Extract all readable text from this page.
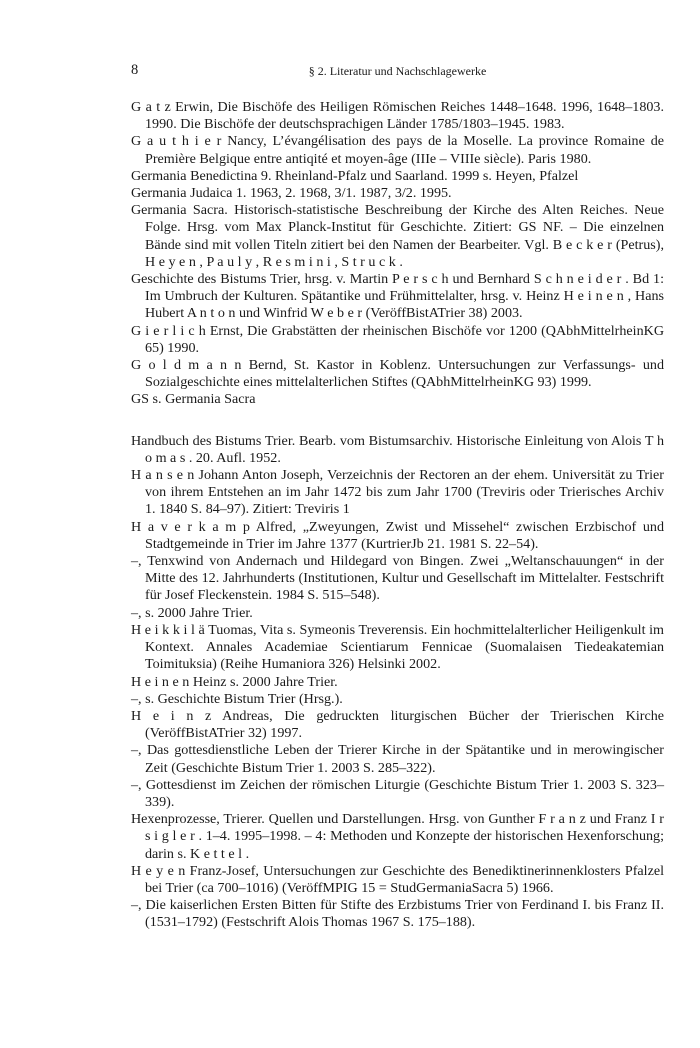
8	§ 2. Literatur und Nachschlagewerke

G a t z Erwin, Die Bischöfe des Heiligen Römischen Reiches 1448–1648. 1996, 1648–1803. 1990. Die Bischöfe der deutschsprachigen Länder 1785/1803–1945. 1983.

G a u t h i e r Nancy, L’évangélisation des pays de la Moselle. La province Romaine de Première Belgique entre antiqité et moyen-âge (IIIe – VIIIe siècle). Paris 1980.

Germania Benedictina 9. Rheinland-Pfalz und Saarland. 1999 s. Heyen, Pfalzel

Germania Judaica 1. 1963, 2. 1968, 3/1. 1987, 3/2. 1995.

Germania Sacra. Historisch-statistische Beschreibung der Kirche des Alten Reiches. Neue Folge. Hrsg. vom Max Planck-Institut für Geschichte. Zitiert: GS NF. – Die einzelnen Bände sind mit vollen Titeln zitiert bei den Namen der Bearbeiter. Vgl. B e c k e r (Petrus), H e y e n , P a u l y , R e s m i n i , S t r u c k .

Geschichte des Bistums Trier, hrsg. v. Martin P e r s c h und Bernhard S c h n e i d e r . Bd 1: Im Umbruch der Kulturen. Spätantike und Frühmittelalter, hrsg. v. Heinz H e i n e n , Hans Hubert A n t o n und Winfrid W e b e r (VeröffBistATrier 38) 2003.

G i e r l i c h Ernst, Die Grabstätten der rheinischen Bischöfe vor 1200 (QAbhMittelrheinKG 65) 1990.

G o l d m a n n Bernd, St. Kastor in Koblenz. Untersuchungen zur Verfassungs- und Sozialgeschichte eines mittelalterlichen Stiftes (QAbhMittelrheinKG 93) 1999.

GS s. Germania Sacra

Handbuch des Bistums Trier. Bearb. vom Bistumsarchiv. Historische Einleitung von Alois T h o m a s . 20. Aufl. 1952.

H a n s e n Johann Anton Joseph, Verzeichnis der Rectoren an der ehem. Universität zu Trier von ihrem Entstehen an im Jahr 1472 bis zum Jahr 1700 (Treviris oder Trierisches Archiv 1. 1840 S. 84–97). Zitiert: Treviris 1

H a v e r k a m p Alfred, „Zweyungen, Zwist und Missehel“ zwischen Erzbischof und Stadtgemeinde in Trier im Jahre 1377 (KurtrierJb 21. 1981 S. 22–54).

–, Tenxwind von Andernach und Hildegard von Bingen. Zwei „Weltanschauungen“ in der Mitte des 12. Jahrhunderts (Institutionen, Kultur und Gesellschaft im Mittelalter. Festschrift für Josef Fleckenstein. 1984 S. 515–548).

–, s. 2000 Jahre Trier.

H e i k k i l ä Tuomas, Vita s. Symeonis Treverensis. Ein hochmittelalterlicher Heiligenkult im Kontext. Annales Academiae Scientiarum Fennicae (Suomalaisen Tiedeakatemian Toimituksia) (Reihe Humaniora 326) Helsinki 2002.

H e i n e n Heinz s. 2000 Jahre Trier.

–, s. Geschichte Bistum Trier (Hrsg.).

H e i n z Andreas, Die gedruckten liturgischen Bücher der Trierischen Kirche (VeröffBistATrier 32) 1997.

–, Das gottesdienstliche Leben der Trierer Kirche in der Spätantike und in merowingischer Zeit (Geschichte Bistum Trier 1. 2003 S. 285–322).

–, Gottesdienst im Zeichen der römischen Liturgie (Geschichte Bistum Trier 1. 2003 S. 323–339).

Hexenprozesse, Trierer. Quellen und Darstellungen. Hrsg. von Gunther F r a n z und Franz I r s i g l e r . 1–4. 1995–1998. – 4: Methoden und Konzepte der historischen Hexenforschung; darin s. K e t t e l .

H e y e n Franz-Josef, Untersuchungen zur Geschichte des Benediktinerinnenklosters Pfalzel bei Trier (ca 700–1016) (VeröffMPIG 15 = StudGermaniaSacra 5) 1966.

–, Die kaiserlichen Ersten Bitten für Stifte des Erzbistums Trier von Ferdinand I. bis Franz II. (1531–1792) (Festschrift Alois Thomas 1967 S. 175–188).
